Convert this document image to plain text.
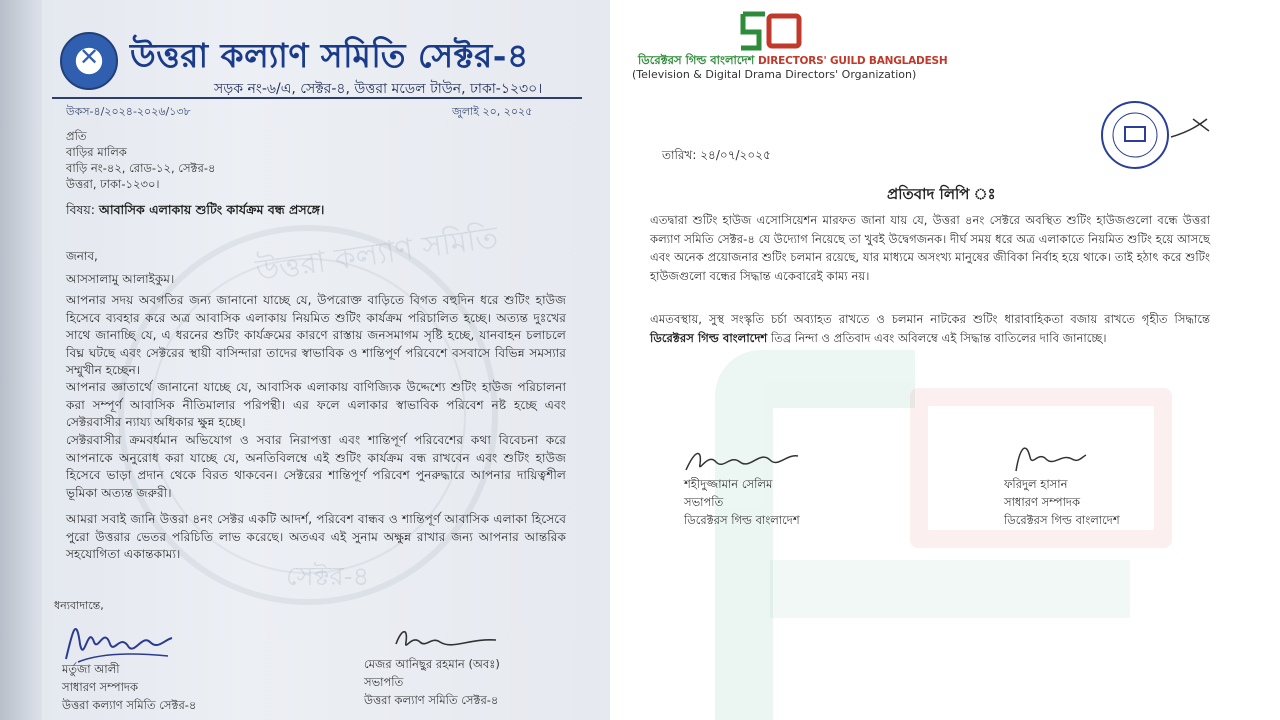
উত্তরা কল্যাণ সমিতি
সেক্টর-৪
✕ উত্তরা কল্যাণ সমিতি সেক্টর-৪
সড়ক নং-৬/এ, সেক্টর-৪, উত্তরা মডেল টাউন, ঢাকা-১২৩০।
উকস-৪/২০২৪-২০২৬/১৩৮	জুলাই ২০, ২০২৫
প্রতি
বাড়ির মালিক
বাড়ি নং-৪২, রোড-১২, সেক্টর-৪
উত্তরা, ঢাকা-১২৩০।
বিষয়: আবাসিক এলাকায় শুটিং কার্যক্রম বন্ধ প্রসঙ্গে।
জনাব,
আসসালামু আলাইকুম।
আপনার সদয় অবগতির জন্য জানানো যাচ্ছে যে, উপরোক্ত বাড়িতে বিগত বহুদিন ধরে শুটিং হাউজ হিসেবে ব্যবহার করে অত্র আবাসিক এলাকায় নিয়মিত শুটিং কার্যক্রম পরিচালিত হচ্ছে। অত্যন্ত দুঃখের সাথে জানাচ্ছি যে, এ ধরনের শুটিং কার্যক্রমের কারণে রাস্তায় জনসমাগম সৃষ্টি হচ্ছে, যানবাহন চলাচলে বিঘ্ন ঘটছে এবং সেক্টরের স্থায়ী বাসিন্দারা তাদের স্বাভাবিক ও শান্তিপূর্ণ পরিবেশে বসবাসে বিভিন্ন সমস্যার সম্মুখীন হচ্ছেন।
আপনার জ্ঞাতার্থে জানানো যাচ্ছে যে, আবাসিক এলাকায় বাণিজ্যিক উদ্দেশ্যে শুটিং হাউজ পরিচালনা করা সম্পূর্ণ আবাসিক নীতিমালার পরিপন্থী। এর ফলে এলাকার স্বাভাবিক পরিবেশ নষ্ট হচ্ছে এবং সেক্টরবাসীর ন্যায্য অধিকার ক্ষুন্ন হচ্ছে।
সেক্টরবাসীর ক্রমবর্ধমান অভিযোগ ও সবার নিরাপত্তা এবং শান্তিপূর্ণ পরিবেশের কথা বিবেচনা করে আপনাকে অনুরোধ করা যাচ্ছে যে, অনতিবিলম্বে এই শুটিং কার্যক্রম বন্ধ রাখবেন এবং শুটিং হাউজ হিসেবে ভাড়া প্রদান থেকে বিরত থাকবেন। সেক্টরের শান্তিপূর্ণ পরিবেশ পুনরুদ্ধারে আপনার দায়িত্বশীল ভূমিকা অত্যন্ত জরুরী।
আমরা সবাই জানি উত্তরা ৪নং সেক্টর একটি আদর্শ, পরিবেশ বান্ধব ও শান্তিপূর্ণ আবাসিক এলাকা হিসেবে পুরো উত্তরার ভেতর পরিচিতি লাভ করেছে। অতএব এই সুনাম অক্ষুন্ন রাখার জন্য আপনার আন্তরিক সহযোগিতা একান্তকাম্য।
ধন্যবাদান্তে,
মর্তুজা আলী
সাধারণ সম্পাদক
উত্তরা কল্যাণ সমিতি সেক্টর-৪
মেজর আনিছুর রহমান (অবঃ)
সভাপতি
উত্তরা কল্যাণ সমিতি সেক্টর-৪
ডিরেক্টরস গিল্ড বাংলাদেশ DIRECTORS' GUILD BANGLADESH
(Television & Digital Drama Directors' Organization)
তারিখ: ২৪/০৭/২০২৫
প্রতিবাদ লিপি ঃ
এতদ্বারা শুটিং হাউজ এসোসিয়েশন মারফত জানা যায় যে, উত্তরা ৪নং সেক্টরে অবস্থিত শুটিং হাউজগুলো বন্ধে উত্তরা কল্যাণ সমিতি সেক্টর-৪ যে উদ্যোগ নিয়েছে তা খুবই উদ্বেগজনক। দীর্ঘ সময় ধরে অত্র এলাকাতে নিয়মিত শুটিং হয়ে আসছে এবং অনেক প্রয়োজনার শুটিং চলমান রয়েছে, যার মাধ্যমে অসংখ্য মানুষের জীবিকা নির্বাহ হয়ে থাকে। তাই হঠাৎ করে শুটিং হাউজগুলো বন্ধের সিদ্ধান্ত একেবারেই কাম্য নয়।
এমতবস্থায়, সুস্থ সংস্কৃতি চর্চা অব্যাহত রাখতে ও চলমান নাটকের শুটিং ধারাবাহিকতা বজায় রাখতে গৃহীত সিদ্ধান্তে ডিরেক্টরস গিল্ড বাংলাদেশ তিব্র নিন্দা ও প্রতিবাদ এবং অবিলম্বে এই সিদ্ধান্ত বাতিলের দাবি জানাচ্ছে।
শহীদুজ্জামান সেলিম
সভাপতি
ডিরেক্টরস গিল্ড বাংলাদেশ
ফরিদুল হাসান
সাধারণ সম্পাদক
ডিরেক্টরস গিল্ড বাংলাদেশ
